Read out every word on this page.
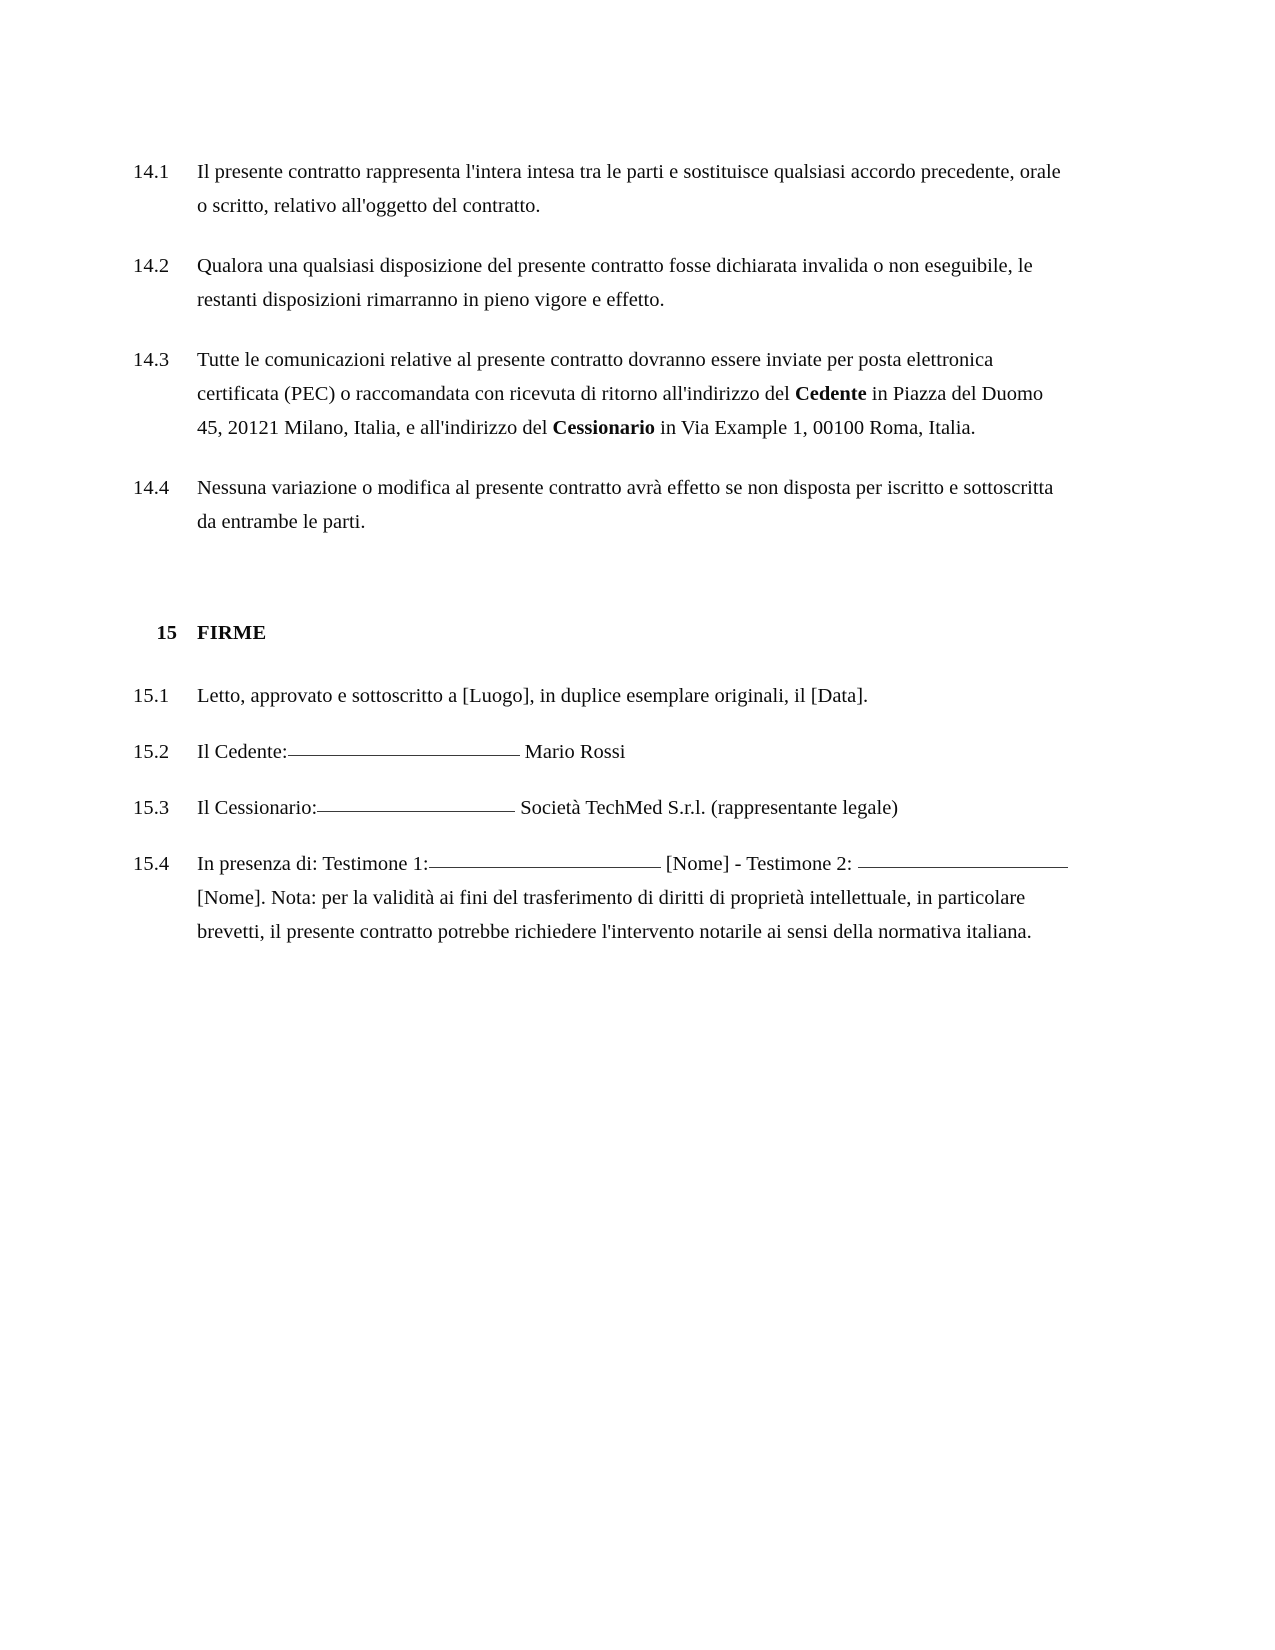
14.1	Il presente contratto rappresenta l'intera intesa tra le parti e sostituisce qualsiasi accordo precedente, orale o scritto, relativo all'oggetto del contratto.
14.2	Qualora una qualsiasi disposizione del presente contratto fosse dichiarata invalida o non eseguibile, le restanti disposizioni rimarranno in pieno vigore e effetto.
14.3	Tutte le comunicazioni relative al presente contratto dovranno essere inviate per posta elettronica certificata (PEC) o raccomandata con ricevuta di ritorno all'indirizzo del Cedente in Piazza del Duomo 45, 20121 Milano, Italia, e all'indirizzo del Cessionario in Via Example 1, 00100 Roma, Italia.
14.4	Nessuna variazione o modifica al presente contratto avrà effetto se non disposta per iscritto e sottoscritta da entrambe le parti.
15 FIRME
15.1	Letto, approvato e sottoscritto a [Luogo], in duplice esemplare originali, il [Data].
15.2	Il Cedente:	Mario Rossi
15.3	Il Cessionario:	Società TechMed S.r.l. (rappresentante legale)
15.4	In presenza di: Testimone 1:	[Nome] - Testimone 2:  [Nome]. Nota: per la validità ai fini del trasferimento di diritti di proprietà intellettuale, in particolare brevetti, il presente contratto potrebbe richiedere l'intervento notarile ai sensi della normativa italiana.
